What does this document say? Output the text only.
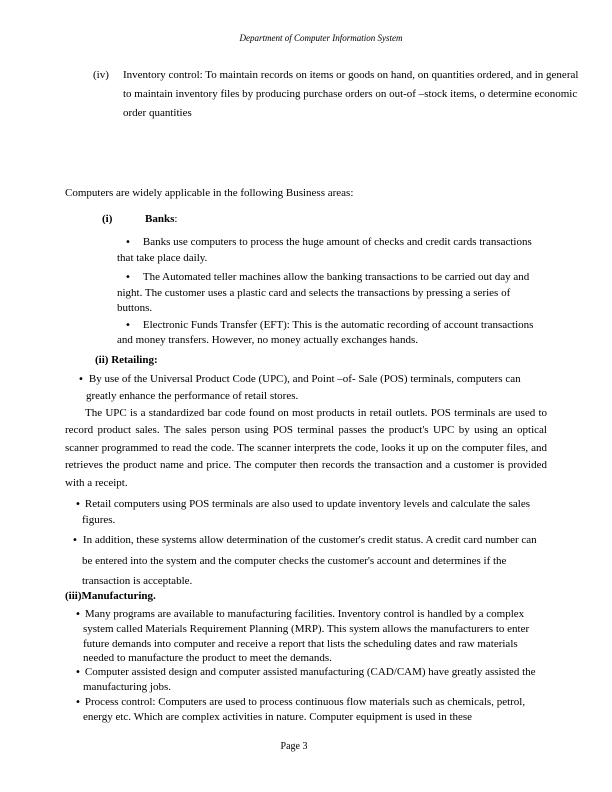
Department of Computer Information System
(iv) Inventory control: To maintain records on items or goods on hand, on quantities ordered, and in general to maintain inventory files by producing purchase orders on out-of –stock items, o determine economic order quantities
Computers are widely applicable in the following Business areas:
(i)	Banks:
• Banks use computers to process the huge amount of checks and credit cards transactions that take place daily.
• The Automated teller machines allow the banking transactions to be carried out day and night. The customer uses a plastic card and selects the transactions by pressing a series of buttons.
• Electronic Funds Transfer (EFT): This is the automatic recording of account transactions and money transfers. However, no money actually exchanges hands.
(ii) Retailing:
• By use of the Universal Product Code (UPC), and Point –of- Sale (POS) terminals, computers can greatly enhance the performance of retail stores.
The UPC is a standardized bar code found on most products in retail outlets. POS terminals are used to record product sales. The sales person using POS terminal passes the product's UPC by using an optical scanner programmed to read the code. The scanner interprets the code, looks it up on the computer files, and retrieves the product name and price. The computer then records the transaction and a customer is provided with a receipt.
• Retail computers using POS terminals are also used to update inventory levels and calculate the sales figures.
• In addition, these systems allow determination of the customer's credit status. A credit card number can be entered into the system and the computer checks the customer's account and determines if the transaction is acceptable.
(iii)Manufacturing.
• Many programs are available to manufacturing facilities. Inventory control is handled by a complex system called Materials Requirement Planning (MRP). This system allows the manufacturers to enter future demands into computer and receive a report that lists the scheduling dates and raw materials needed to manufacture the product to meet the demands.
• Computer assisted design and computer assisted manufacturing (CAD/CAM) have greatly assisted the manufacturing jobs.
• Process control: Computers are used to process continuous flow materials such as chemicals, petrol, energy etc. Which are complex activities in nature. Computer equipment is used in these
Page 3
